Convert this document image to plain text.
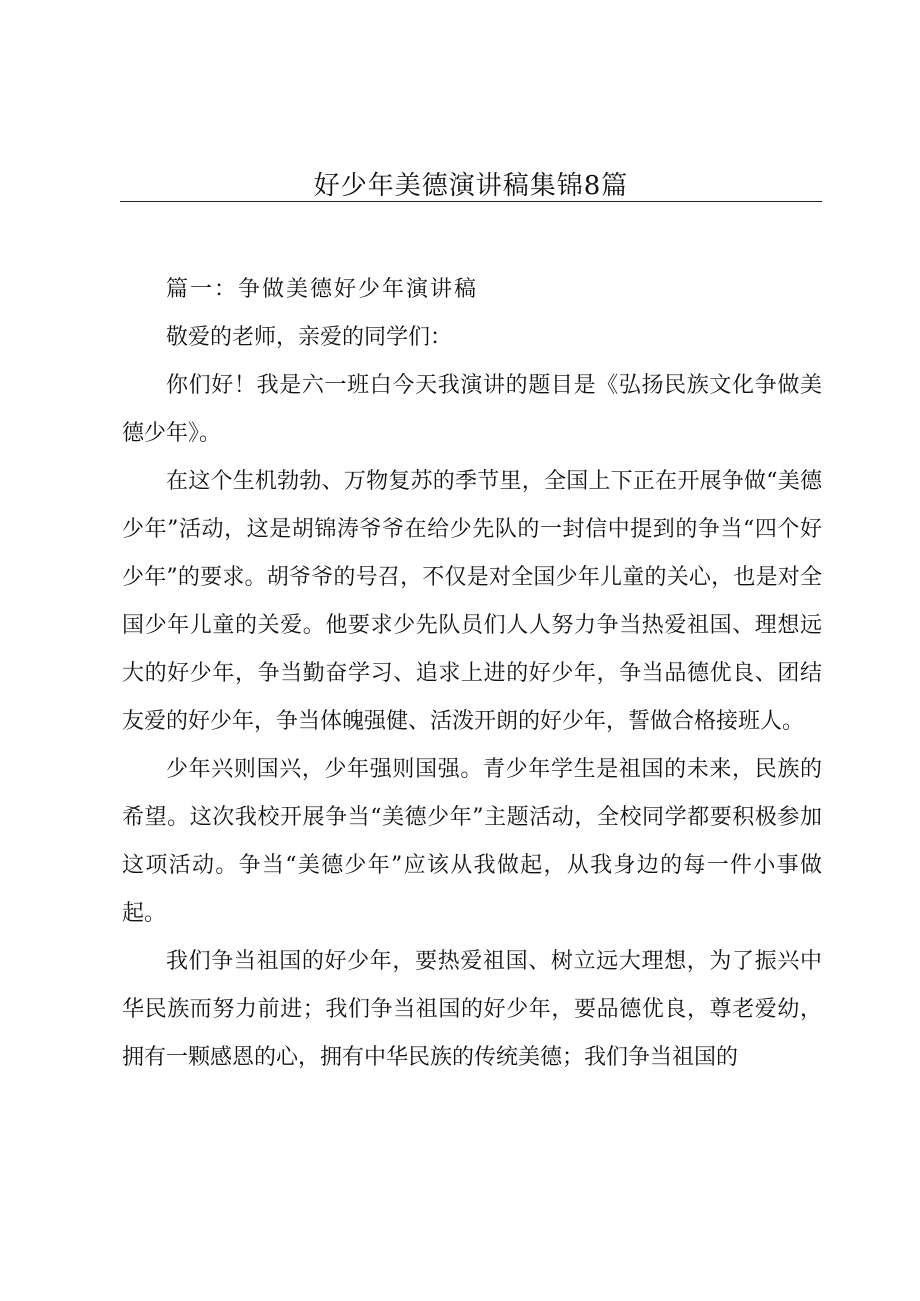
好少年美德演讲稿集锦8篇

篇一：争做美德好少年演讲稿

敬爱的老师，亲爱的同学们：

你们好！我是六一班白今天我演讲的题目是《弘扬民族文化争做美德少年》。

在这个生机勃勃、万物复苏的季节里，全国上下正在开展争做“美德少年”活动，这是胡锦涛爷爷在给少先队的一封信中提到的争当“四个好少年”的要求。胡爷爷的号召，不仅是对全国少年儿童的关心，也是对全国少年儿童的关爱。他要求少先队员们人人努力争当热爱祖国、理想远大的好少年，争当勤奋学习、追求上进的好少年，争当品德优良、团结友爱的好少年，争当体魄强健、活泼开朗的好少年，誓做合格接班人。

少年兴则国兴，少年强则国强。青少年学生是祖国的未来，民族的希望。这次我校开展争当“美德少年”主题活动，全校同学都要积极参加这项活动。争当“美德少年”应该从我做起，从我身边的每一件小事做起。

我们争当祖国的好少年，要热爱祖国、树立远大理想，为了振兴中华民族而努力前进；我们争当祖国的好少年，要品德优良，尊老爱幼，拥有一颗感恩的心，拥有中华民族的传统美德；我们争当祖国的
